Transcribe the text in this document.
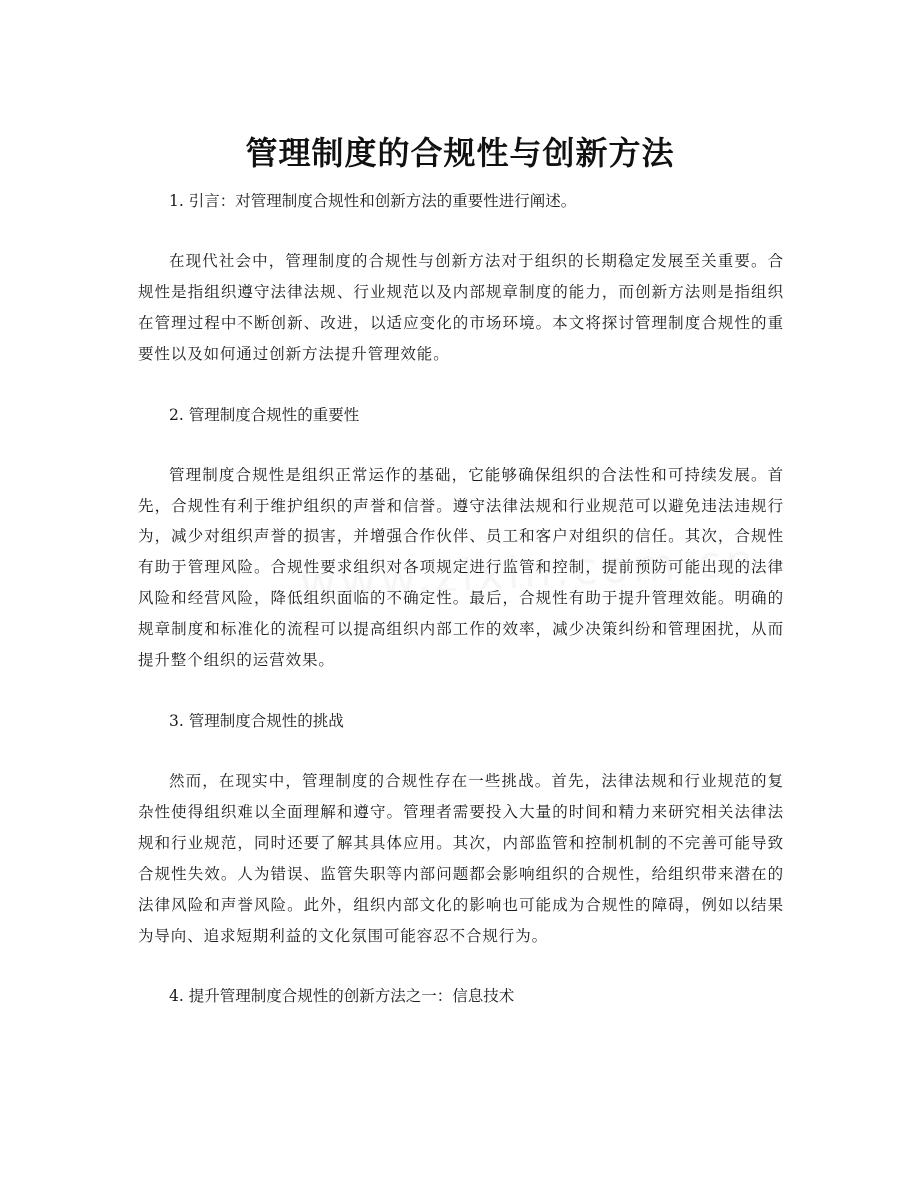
管理制度的合规性与创新方法

1. 引言：对管理制度合规性和创新方法的重要性进行阐述。

在现代社会中，管理制度的合规性与创新方法对于组织的长期稳定发展至关重要。合规性是指组织遵守法律法规、行业规范以及内部规章制度的能力，而创新方法则是指组织在管理过程中不断创新、改进，以适应变化的市场环境。本文将探讨管理制度合规性的重要性以及如何通过创新方法提升管理效能。

2. 管理制度合规性的重要性

管理制度合规性是组织正常运作的基础，它能够确保组织的合法性和可持续发展。首先，合规性有利于维护组织的声誉和信誉。遵守法律法规和行业规范可以避免违法违规行为，减少对组织声誉的损害，并增强合作伙伴、员工和客户对组织的信任。其次，合规性有助于管理风险。合规性要求组织对各项规定进行监管和控制，提前预防可能出现的法律风险和经营风险，降低组织面临的不确定性。最后，合规性有助于提升管理效能。明确的规章制度和标准化的流程可以提高组织内部工作的效率，减少决策纠纷和管理困扰，从而提升整个组织的运营效果。

3. 管理制度合规性的挑战

然而，在现实中，管理制度的合规性存在一些挑战。首先，法律法规和行业规范的复杂性使得组织难以全面理解和遵守。管理者需要投入大量的时间和精力来研究相关法律法规和行业规范，同时还要了解其具体应用。其次，内部监管和控制机制的不完善可能导致合规性失效。人为错误、监管失职等内部问题都会影响组织的合规性，给组织带来潜在的法律风险和声誉风险。此外，组织内部文化的影响也可能成为合规性的障碍，例如以结果为导向、追求短期利益的文化氛围可能容忍不合规行为。

4. 提升管理制度合规性的创新方法之一：信息技术
